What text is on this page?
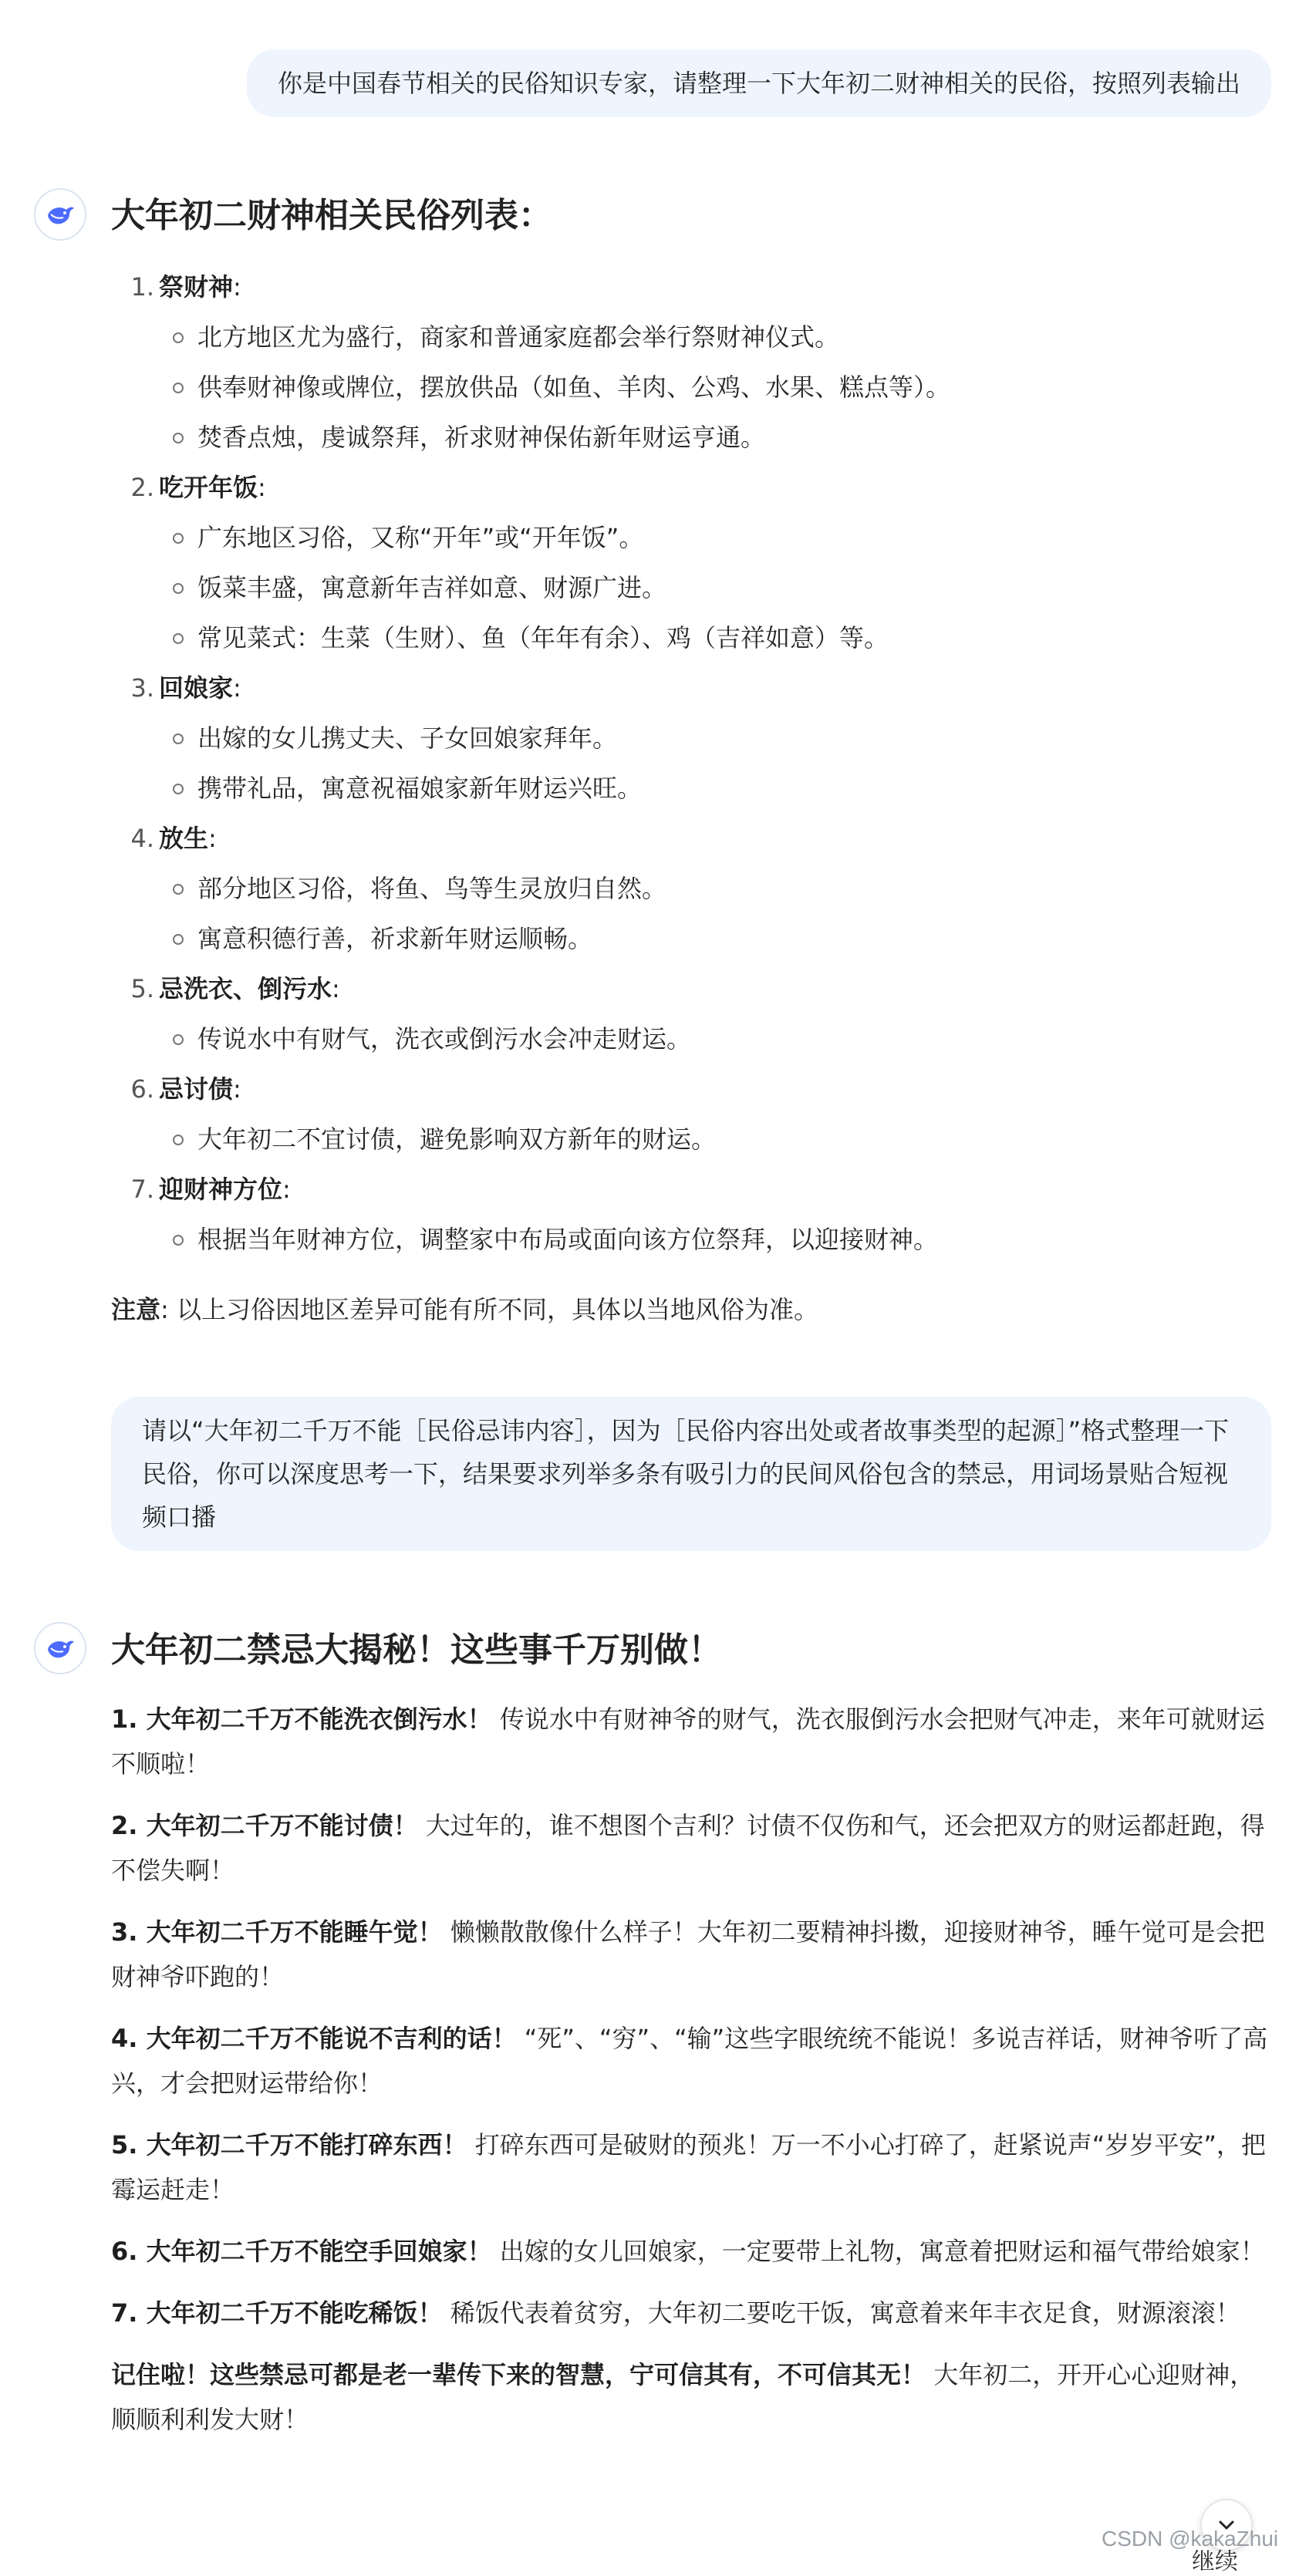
你是中国春节相关的民俗知识专家，请整理一下大年初二财神相关的民俗，按照列表输出
大年初二财神相关民俗列表：
1. 祭财神 :
北方地区尤为盛行，商家和普通家庭都会举行祭财神仪式。
供奉财神像或牌位，摆放供品（如鱼、羊肉、公鸡、水果、糕点等）。
焚香点烛，虔诚祭拜，祈求财神保佑新年财运亨通。
2. 吃开年饭 :
广东地区习俗，又称“开年”或“开年饭”。
饭菜丰盛，寓意新年吉祥如意、财源广进。
常见菜式：生菜（生财）、鱼（年年有余）、鸡（吉祥如意）等。
3. 回娘家 :
出嫁的女儿携丈夫、子女回娘家拜年。
携带礼品，寓意祝福娘家新年财运兴旺。
4. 放生 :
部分地区习俗，将鱼、鸟等生灵放归自然。
寓意积德行善，祈求新年财运顺畅。
5. 忌洗衣、倒污水 :
传说水中有财气，洗衣或倒污水会冲走财运。
6. 忌讨债 :
大年初二不宜讨债，避免影响双方新年的财运。
7. 迎财神方位 :
根据当年财神方位，调整家中布局或面向该方位祭拜，以迎接财神。
注意: 以上习俗因地区差异可能有所不同，具体以当地风俗为准。
请以“大年初二千万不能［民俗忌讳内容］，因为［民俗内容出处或者故事类型的起源］”格式整理一下民俗，你可以深度思考一下，结果要求列举多条有吸引力的民间风俗包含的禁忌，用词场景贴合短视频口播
大年初二禁忌大揭秘！这些事千万别做！

1. 大年初二千万不能洗衣倒污水！ 传说水中有财神爷的财气，洗衣服倒污水会把财气冲走，来年可就财运不顺啦！

2. 大年初二千万不能讨债！ 大过年的，谁不想图个吉利？讨债不仅伤和气，还会把双方的财运都赶跑，得不偿失啊！

3. 大年初二千万不能睡午觉！ 懒懒散散像什么样子！大年初二要精神抖擞，迎接财神爷，睡午觉可是会把财神爷吓跑的！

4. 大年初二千万不能说不吉利的话！ “死”、“穷”、“输”这些字眼统统不能说！多说吉祥话，财神爷听了高兴，才会把财运带给你！

5. 大年初二千万不能打碎东西！ 打碎东西可是破财的预兆！万一不小心打碎了，赶紧说声“岁岁平安”，把霉运赶走！

6. 大年初二千万不能空手回娘家！ 出嫁的女儿回娘家，一定要带上礼物，寓意着把财运和福气带给娘家！

7. 大年初二千万不能吃稀饭！ 稀饭代表着贫穷，大年初二要吃干饭，寓意着来年丰衣足食，财源滚滚！

记住啦！这些禁忌可都是老一辈传下来的智慧，宁可信其有，不可信其无！ 大年初二，开开心心迎财神，顺顺利利发大财！

继续
CSDN @kakaZhui
